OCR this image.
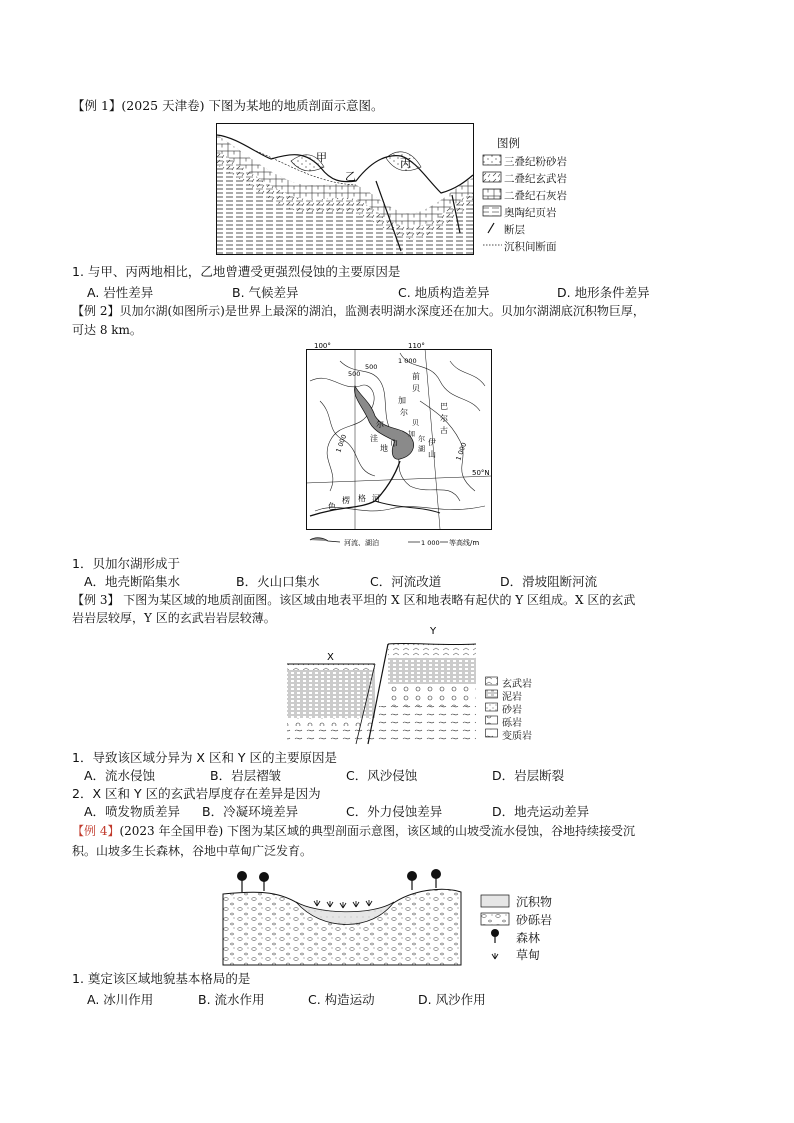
【例 1】(2025 天津卷) 下图为某地的地质剖面示意图。
甲
乙
丙
图例
三叠纪粉砂岩
二叠纪玄武岩
二叠纪石灰岩
奥陶纪页岩
断层
沉积间断面
1. 与甲、丙两地相比，乙地曾遭受更强烈侵蚀的主要原因是
A. 岩性差异	B. 气候差异	C. 地质构造差异	D. 地形条件差异
【例 2】贝加尔湖(如图所示)是世界上最深的湖泊，监测表明湖水深度还在加大。贝加尔湖湖底沉积物巨厚，
可达 8 km。
100°	110°
50°N
500
500
1 000
1 000	1 000
前
贝
加
尔
巴
尔
古
贝
加
尔
洼
地
巾	尔
湖
伊
山
色
楞 格 河
河流、湖泊	1 000 等高线/m
1．贝加尔湖形成于
A．地壳断陷集水	B．火山口集水	C．河流改道	D．滑坡阻断河流
【例 3】 下图为某区域的地质剖面图。该区域由地表平坦的 X 区和地表略有起伏的 Y 区组成。X 区的玄武
岩岩层较厚，Y 区的玄武岩岩层较薄。
X
Y
玄武岩
泥岩
砂岩
砾岩
变质岩
1．导致该区域分异为 X 区和 Y 区的主要原因是
A．流水侵蚀	B．岩层褶皱	C．风沙侵蚀	D．岩层断裂
2．X 区和 Y 区的玄武岩厚度存在差异是因为
A．喷发物质差异 B．冷凝环境差异	C．外力侵蚀差异	D．地壳运动差异
【例 4】(2023 年全国甲卷) 下图为某区域的典型剖面示意图，该区域的山坡受流水侵蚀，谷地持续接受沉
积。山坡多生长森林，谷地中草甸广泛发育。
沉积物
砂砾岩
森林
草甸
1. 奠定该区域地貌基本格局的是
A. 冰川作用	B. 流水作用	C. 构造运动	D. 风沙作用
